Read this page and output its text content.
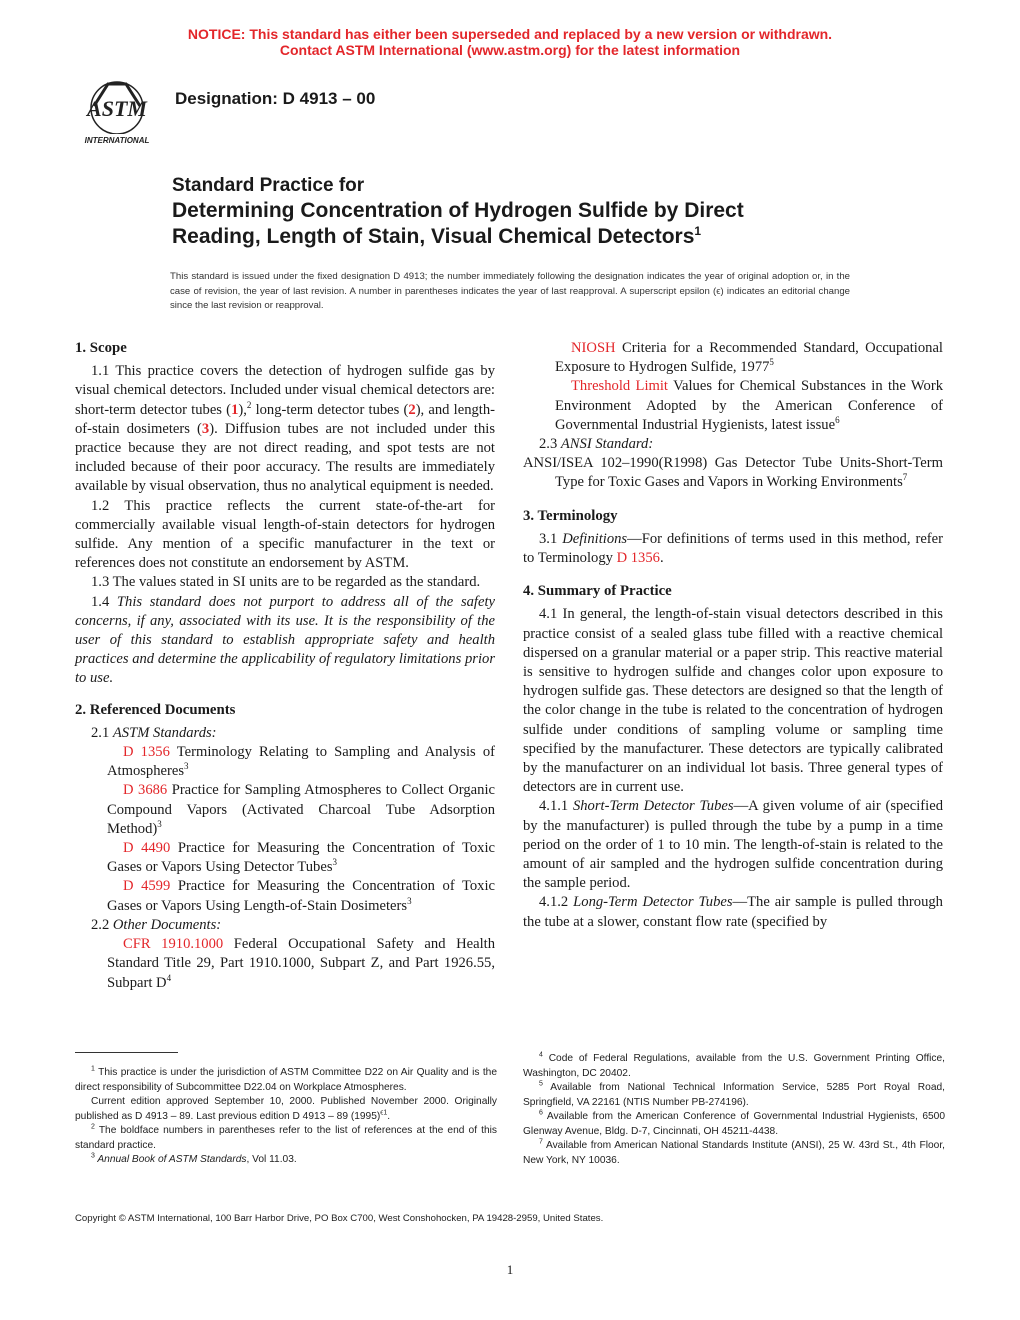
NOTICE: This standard has either been superseded and replaced by a new version or withdrawn.
Contact ASTM International (www.astm.org) for the latest information
ASTM
INTERNATIONAL
Designation: D 4913 – 00
Standard Practice for
Determining Concentration of Hydrogen Sulfide by Direct
Reading, Length of Stain, Visual Chemical Detectors$^1$
This standard is issued under the fixed designation D 4913; the number immediately following the designation indicates the year of original adoption or, in the case of revision, the year of last revision. A number in parentheses indicates the year of last reapproval. A superscript epsilon (ϵ) indicates an editorial change since the last revision or reapproval.
1. Scope

1.1 This practice covers the detection of hydrogen sulfide gas by visual chemical detectors. Included under visual chemical detectors are: short-term detector tubes (1),$^2$ long-term detector tubes (2), and length-of-stain dosimeters (3). Diffusion tubes are not included under this practice because they are not direct reading, and spot tests are not included because of their poor accuracy. The results are immediately available by visual observation, thus no analytical equipment is needed.

1.2 This practice reflects the current state-of-the-art for commercially available visual length-of-stain detectors for hydrogen sulfide. Any mention of a specific manufacturer in the text or references does not constitute an endorsement by ASTM.

1.3 The values stated in SI units are to be regarded as the standard.

1.4 This standard does not purport to address all of the safety concerns, if any, associated with its use. It is the responsibility of the user of this standard to establish appropriate safety and health practices and determine the applicability of regulatory limitations prior to use.

2. Referenced Documents

2.1 ASTM Standards:

D 1356 Terminology Relating to Sampling and Analysis of Atmospheres$^3$

D 3686 Practice for Sampling Atmospheres to Collect Organic Compound Vapors (Activated Charcoal Tube Adsorption Method)$^3$

D 4490 Practice for Measuring the Concentration of Toxic Gases or Vapors Using Detector Tubes$^3$

D 4599 Practice for Measuring the Concentration of Toxic Gases or Vapors Using Length-of-Stain Dosimeters$^3$

2.2 Other Documents:

CFR 1910.1000 Federal Occupational Safety and Health Standard Title 29, Part 1910.1000, Subpart Z, and Part 1926.55, Subpart $D^4$

NIOSH Criteria for a Recommended Standard, Occupational Exposure to Hydrogen Sulfide, 1977$^5$

Threshold Limit Values for Chemical Substances in the Work Environment Adopted by the American Conference of Governmental Industrial Hygienists, latest issue$^6$

2.3 ANSI Standard:

ANSI/ISEA 102–1990(R1998) Gas Detector Tube Units-Short-Term Type for Toxic Gases and Vapors in Working Environments$^7$

3. Terminology

3.1 Definitions—For definitions of terms used in this method, refer to Terminology D 1356.

4. Summary of Practice

4.1 In general, the length-of-stain visual detectors described in this practice consist of a sealed glass tube filled with a reactive chemical dispersed on a granular material or a paper strip. This reactive material is sensitive to hydrogen sulfide and changes color upon exposure to hydrogen sulfide gas. These detectors are designed so that the length of the color change in the tube is related to the concentration of hydrogen sulfide under conditions of sampling volume or sampling time specified by the manufacturer. These detectors are typically calibrated by the manufacturer on an individual lot basis. Three general types of detectors are in current use.

4.1.1 Short-Term Detector Tubes—A given volume of air (specified by the manufacturer) is pulled through the tube by a pump in a time period on the order of 1 to 10 min. The length-of-stain is related to the amount of air sampled and the hydrogen sulfide concentration during the sample period.

4.1.2 Long-Term Detector Tubes—The air sample is pulled through the tube at a slower, constant flow rate (specified by

$^1$ This practice is under the jurisdiction of ASTM Committee D22 on Air Quality and is the direct responsibility of Subcommittee D22.04 on Workplace Atmospheres.

Current edition approved September 10, 2000. Published November 2000. Originally published as D 4913 – 89. Last previous edition D 4913 – 89 $(1995)^{\epsilon 1}$.

$^2$ The boldface numbers in parentheses refer to the list of references at the end of this standard practice.

$^3$ Annual Book of ASTM Standards, Vol 11.03.

$^4$ Code of Federal Regulations, available from the U.S. Government Printing Office, Washington, DC 20402.

$^5$ Available from National Technical Information Service, 5285 Port Royal Road, Springfield, VA 22161 (NTIS Number PB-274196).

$^6$ Available from the American Conference of Governmental Industrial Hygienists, 6500 Glenway Avenue, Bldg. D-7, Cincinnati, OH 45211-4438.

$^7$ Available from American National Standards Institute (ANSI), 25 W. 43rd St., 4th Floor, New York, NY 10036.

Copyright © ASTM International, 100 Barr Harbor Drive, PO Box C700, West Conshohocken, PA 19428-2959, United States.
1
